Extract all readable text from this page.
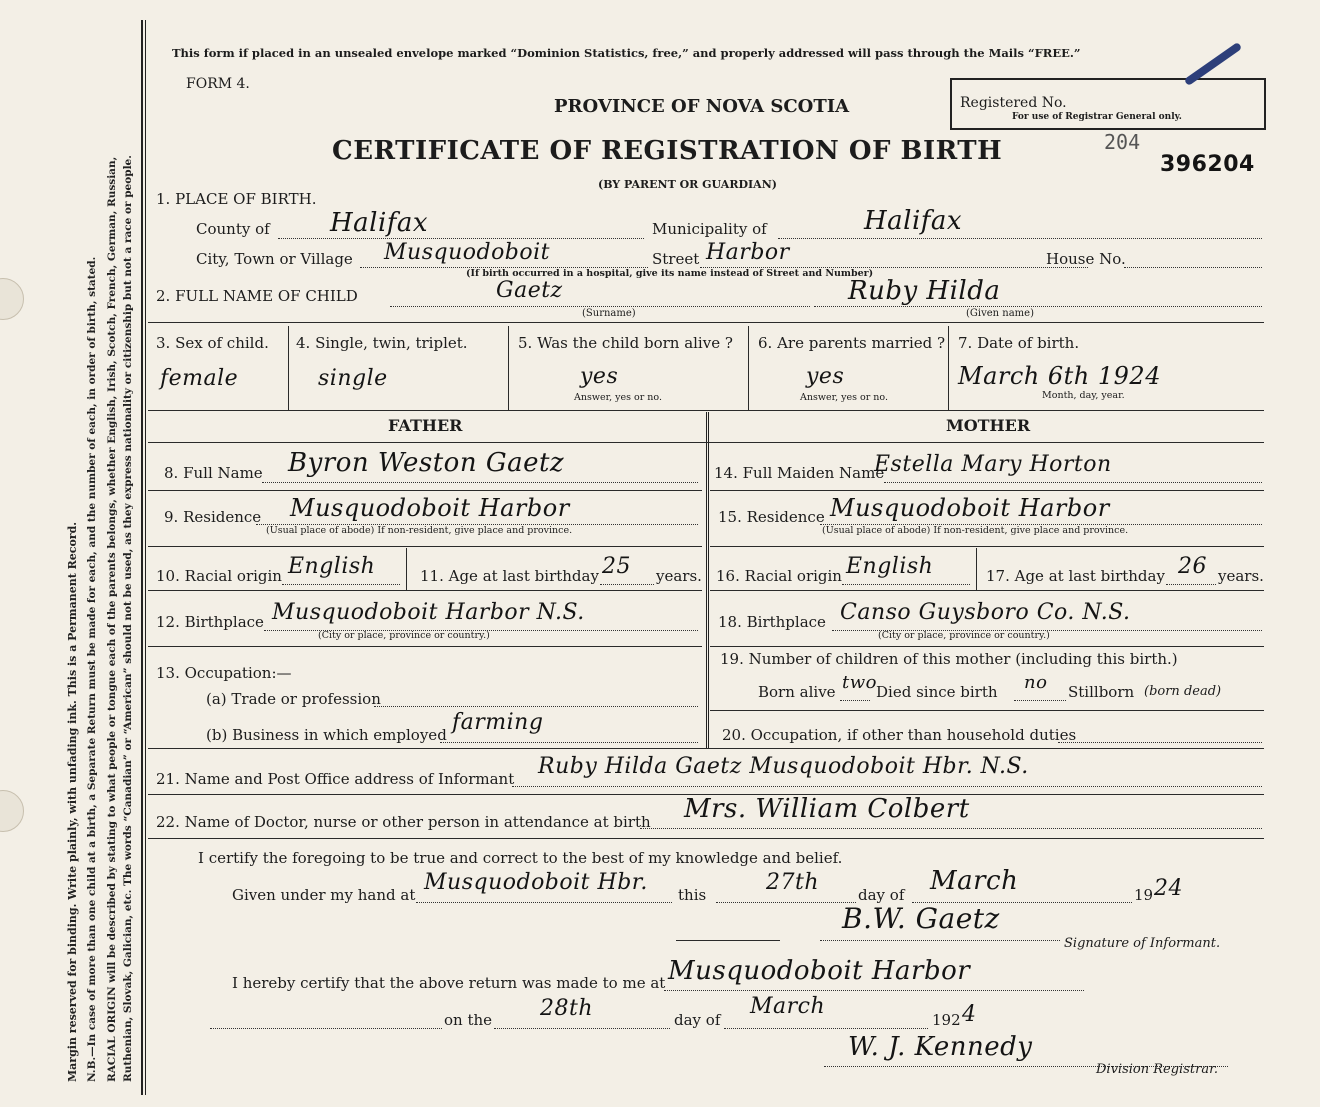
Margin reserved for binding. Write plainly, with unfading ink. This is a Permanent Record. N.B.—In case of more than one child at a birth, a Separate Return must be made for each, and the number of each, in order of birth, stated. RACIAL ORIGIN will be described by stating to what people or tongue each of the parents belongs, whether English, Irish, Scotch, French, German, Russian, Ruthenian, Slovak, Galician, etc. The words “Canadian” or “American” should not be used, as they express nationality or citizenship but not a race or people.
This form if placed in an unsealed envelope marked “Dominion Statistics, free,” and properly addressed will pass through the Mails “FREE.”
FORM 4.
PROVINCE OF NOVA SCOTIA
CERTIFICATE OF REGISTRATION OF BIRTH
(BY PARENT OR GUARDIAN)
Registered No.
For use of Registrar General only.
204
396204
1. PLACE OF BIRTH.
County of Halifax	Municipality of	Halifax
City, Town or Village Musquodoboit	Street Harbor	House No.
(If birth occurred in a hospital, give its name instead of Street and Number)
2. FULL NAME OF CHILD	Gaetz
(Surname)
Ruby Hilda
(Given name)
3. Sex of child.
female
4. Single, twin, triplet.
single
5. Was the child born alive ?
yes
Answer, yes or no.
6. Are parents married ?
yes
Answer, yes or no.
7. Date of birth.
March 6th 1924
Month, day, year.
FATHER	MOTHER
8. Full Name Byron Weston Gaetz
9. Residence Musquodoboit Harbor
(Usual place of abode) If non-resident, give place and province.
10. Racial origin English	11. Age at last birthday 25 years.
12. Birthplace Musquodoboit Harbor N.S.
(City or place, province or country.)
13. Occupation:—
(a) Trade or profession
(b) Business in which employed farming
14. Full Maiden Name
Estella Mary Horton
15. Residence Musquodoboit Harbor
(Usual place of abode) If non-resident, give place and province.
16. Racial origin English	17. Age at last birthday 26 years.
18. Birthplace Canso Guysboro Co. N.S.
(City or place, province or country.)
19. Number of children of this mother (including this birth.)
Born alive two Died since birth no Stillborn (born dead)
20. Occupation, if other than household duties
21. Name and Post Office address of Informant Ruby Hilda Gaetz Musquodoboit Hbr. N.S.
22. Name of Doctor, nurse or other person in attendance at birth Mrs. William Colbert
I certify the foregoing to be true and correct to the best of my knowledge and belief.
Given under my hand at Musquodoboit Hbr. this	27th	day of March	19 24
B.W. Gaetz
Signature of Informant.
I hereby certify that the above return was made to me at Musquodoboit Harbor
on the 28th	day of
March
192 4
W. J. Kennedy
Division Registrar.
